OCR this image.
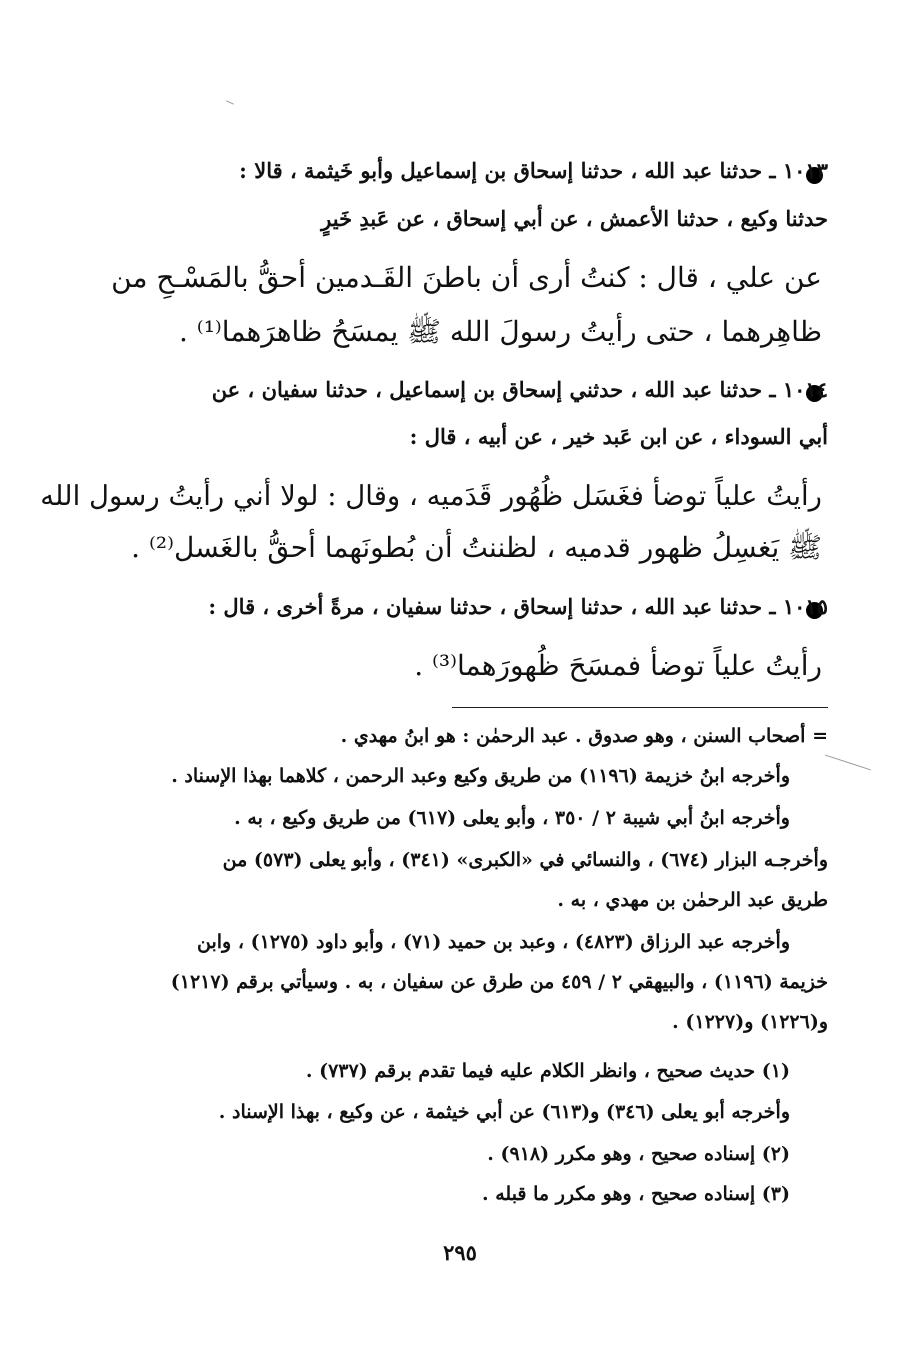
١٠١٣ ـ حدثنا عبد الله ، حدثنا إسحاق بن إسماعيل وأبو خَيثمة ، قالا :
حدثنا وكيع ، حدثنا الأعمش ، عن أبي إسحاق ، عن عَبدِ خَيرٍ
عن علي ، قال : كنتُ أرى أن باطنَ القَـدمين أحقُّ بالمَسْـحِ من
ظاهِرهما ، حتى رأيتُ رسولَ الله ﷺ يمسَحُ ظاهرَهما⁽¹⁾ .
١٠١٤ ـ حدثنا عبد الله ، حدثني إسحاق بن إسماعيل ، حدثنا سفيان ، عن
أبي السوداء ، عن ابن عَبد خير ، عن أبيه ، قال :
رأيتُ علياً توضأ فغَسَل ظُهُور قَدَميه ، وقال : لولا أني رأيتُ رسول الله
ﷺ يَغسِلُ ظهور قدميه ، لظننتُ أن بُطونَهما أحقُّ بالغَسل⁽²⁾ .
١٠١٥ ـ حدثنا عبد الله ، حدثنا إسحاق ، حدثنا سفيان ، مرةً أخرى ، قال :
رأيتُ علياً توضأ فمسَحَ ظُهورَهما⁽³⁾ .
= أصحاب السنن ، وهو صدوق . عبد الرحمٰن : هو ابنُ مهدي .
وأخرجه ابنُ خزيمة (١١٩٦) من طريق وكيع وعبد الرحمن ، كلاهما بهذا الإسناد .
وأخرجه ابنُ أبي شيبة ٢ / ٣٥٠ ، وأبو يعلى (٦١٧) من طريق وكيع ، به .
وأخرجـه البزار (٦٧٤) ، والنسائي في «الكبرى» (٣٤١) ، وأبو يعلى (٥٧٣) من
طريق عبد الرحمٰن بن مهدي ، به .
وأخرجه عبد الرزاق (٤٨٢٣) ، وعبد بن حميد (٧١) ، وأبو داود (١٢٧٥) ، وابن
خزيمة (١١٩٦) ، والبيهقي ٢ / ٤٥٩ من طرق عن سفيان ، به . وسيأتي برقم (١٢١٧)
و(١٢٢٦) و(١٢٢٧) .
(١) حديث صحيح ، وانظر الكلام عليه فيما تقدم برقم (٧٣٧) .
وأخرجه أبو يعلى (٣٤٦) و(٦١٣) عن أبي خيثمة ، عن وكيع ، بهذا الإسناد .
(٢) إسناده صحيح ، وهو مكرر (٩١٨) .
(٣) إسناده صحيح ، وهو مكرر ما قبله .
٢٩٥
